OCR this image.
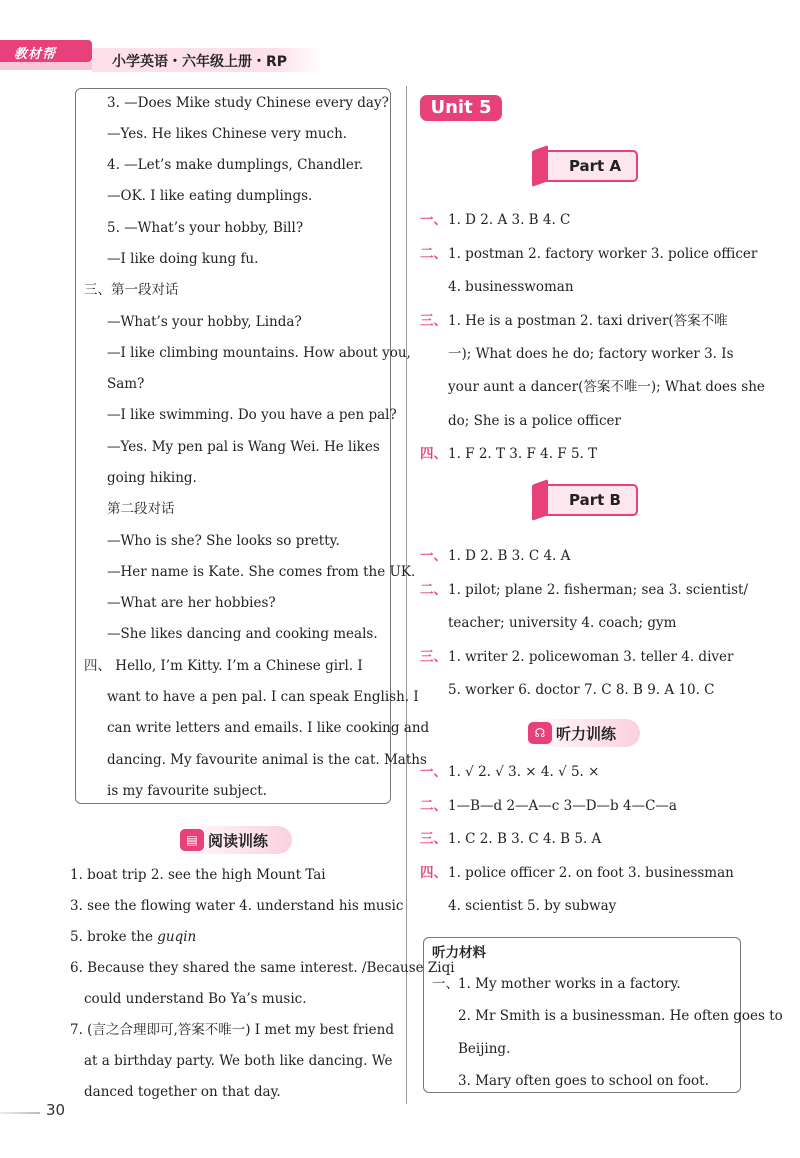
教材帮	小学英语・六年级上册・RP
3. —Does Mike study Chinese every day?
—Yes. He likes Chinese very much.
4. —Let’s make dumplings, Chandler.
—OK. I like eating dumplings.
5. —What’s your hobby, Bill?
—I like doing kung fu.
三、第一段对话
—What’s your hobby, Linda?
—I like climbing mountains. How about you,
Sam?
—I like swimming. Do you have a pen pal?
—Yes. My pen pal is Wang Wei. He likes
going hiking.
第二段对话
—Who is she? She looks so pretty.
—Her name is Kate. She comes from the UK.
—What are her hobbies?
—She likes dancing and cooking meals.
四、 Hello, I’m Kitty. I’m a Chinese girl. I
want to have a pen pal. I can speak English. I
can write letters and emails. I like cooking and
dancing. My favourite animal is the cat. Maths
is my favourite subject.
▤ 阅读训练
1. boat trip 2. see the high Mount Tai
3. see the flowing water 4. understand his music
5. broke the guqin
6. Because they shared the same interest. /Because Ziqi
could understand Bo Ya’s music.
7. (言之合理即可,答案不唯一) I met my best friend
at a birthday party. We both like dancing. We
danced together on that day.
Unit 5
Part A
一、 1. D 2. A 3. B 4. C
二、 1. postman 2. factory worker 3. police officer
4. businesswoman
三、 1. He is a postman 2. taxi driver(答案不唯
一); What does he do; factory worker 3. Is
your aunt a dancer(答案不唯一); What does she
do; She is a police officer
四、 1. F 2. T 3. F 4. F 5. T
Part B
一、 1. D 2. B 3. C 4. A
二、 1. pilot; plane 2. fisherman; sea 3. scientist/
teacher; university 4. coach; gym
三、 1. writer 2. policewoman 3. teller 4. diver
5. worker 6. doctor 7. C 8. B 9. A 10. C
☊ 听力训练
一、 1. √ 2. √ 3. × 4. √ 5. ×
二、 1—B—d 2—A—c 3—D—b 4—C—a
三、 1. C 2. B 3. C 4. B 5. A
四、 1. police officer 2. on foot 3. businessman
4. scientist 5. by subway
听力材料
一、 1. My mother works in a factory.
2. Mr Smith is a businessman. He often goes to
Beijing.
3. Mary often goes to school on foot.
30
